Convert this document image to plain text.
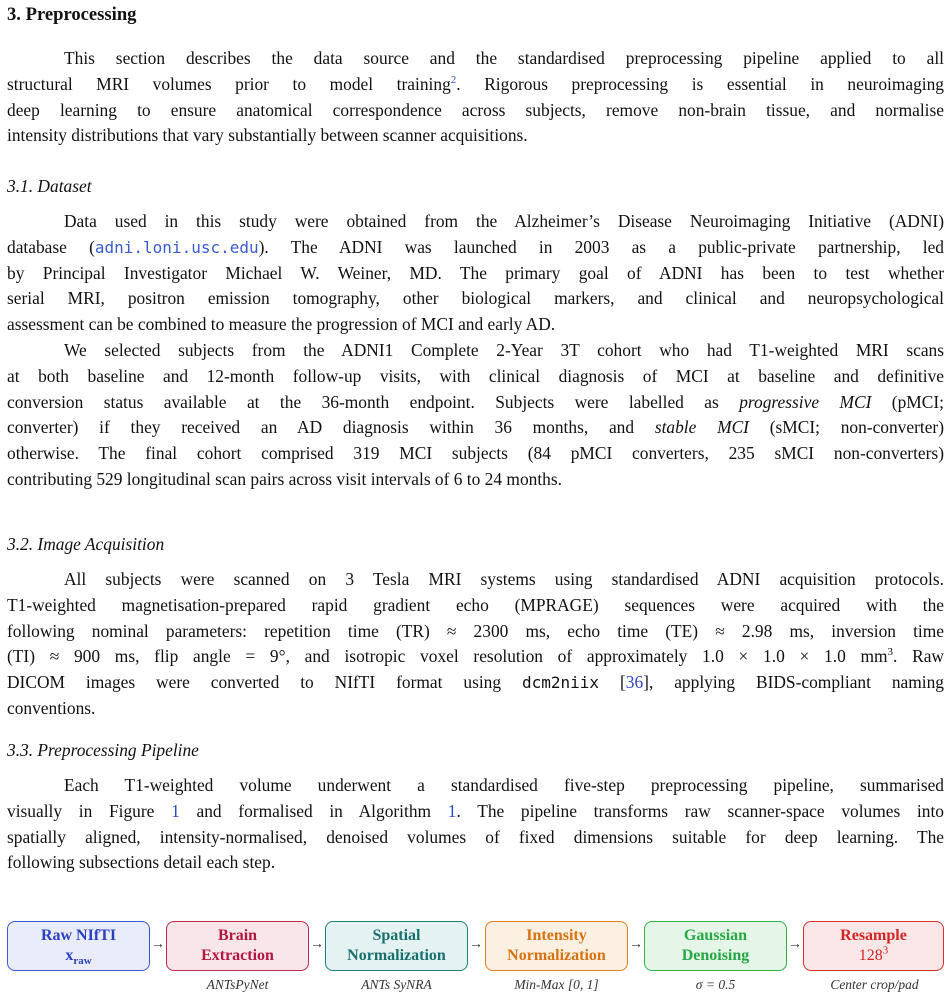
3. Preprocessing
This section describes the data source and the standardised preprocessing pipeline applied to all
structural MRI volumes prior to model training$^2$. Rigorous preprocessing is essential in neuroimaging
deep learning to ensure anatomical correspondence across subjects, remove non-brain tissue, and normalise
intensity distributions that vary substantially between scanner acquisitions.
3.1. Dataset
Data used in this study were obtained from the Alzheimer’s Disease Neuroimaging Initiative (ADNI)
database (adni.loni.usc.edu). The ADNI was launched in 2003 as a public-private partnership, led
by Principal Investigator Michael W. Weiner, MD. The primary goal of ADNI has been to test whether
serial MRI, positron emission tomography, other biological markers, and clinical and neuropsychological
assessment can be combined to measure the progression of MCI and early AD.
We selected subjects from the ADNI1 Complete 2-Year 3T cohort who had T1-weighted MRI scans
at both baseline and 12-month follow-up visits, with clinical diagnosis of MCI at baseline and definitive
conversion status available at the 36-month endpoint. Subjects were labelled as progressive MCI (pMCI;
converter) if they received an AD diagnosis within 36 months, and stable MCI (sMCI; non-converter)
otherwise. The final cohort comprised 319 MCI subjects (84 pMCI converters, 235 sMCI non-converters)
contributing 529 longitudinal scan pairs across visit intervals of 6 to 24 months.
3.2. Image Acquisition
All subjects were scanned on 3 Tesla MRI systems using standardised ADNI acquisition protocols.
T1-weighted magnetisation-prepared rapid gradient echo (MPRAGE) sequences were acquired with the
following nominal parameters: repetition time (TR) ≈ 2300 ms, echo time (TE) ≈ 2.98 ms, inversion time
(TI) ≈ 900 ms, flip angle = 9°, and isotropic voxel resolution of approximately 1.0 × 1.0 × 1.0 $mm^3$. Raw
DICOM images were converted to NIfTI format using dcm2niix [36], applying BIDS-compliant naming
conventions.
3.3. Preprocessing Pipeline
Each T1-weighted volume underwent a standardised five-step preprocessing pipeline, summarised
visually in Figure 1 and formalised in Algorithm 1. The pipeline transforms raw scanner-space volumes into
spatially aligned, intensity-normalised, denoised volumes of fixed dimensions suitable for deep learning. The
following subsections detail each step.
Raw NIfTI
$x_{raw}$
→
Brain
Extraction
→
Spatial
Normalization
→
Intensity
Normalization
→
Gaussian
Denoising
→
Resample
$128^3$
ANTsPyNet	ANTs SyNRA	Min-Max [0, 1]	σ = 0.5	Center crop/pad
